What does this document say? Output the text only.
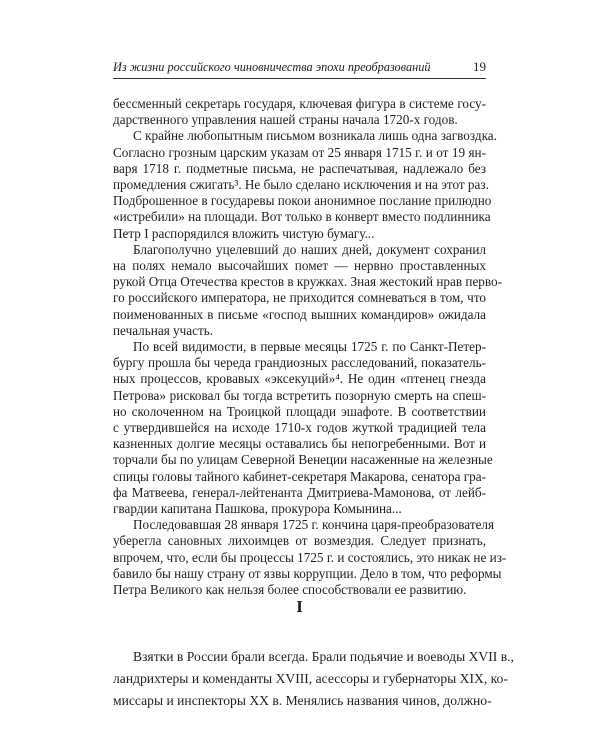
Из жизни российского чиновничества эпохи преобразований	19
бессменный секретарь государя, ключевая фигура в системе госу-
дарственного управления нашей страны начала 1720-х годов.
С крайне любопытным письмом возникала лишь одна загвоздка.
Согласно грозным царским указам от 25 января 1715 г. и от 19 ян-
варя 1718 г. подметные письма, не распечатывая, надлежало без
промедления сжигать³. Не было сделано исключения и на этот раз.
Подброшенное в государевы покои анонимное послание прилюдно
«истребили» на площади. Вот только в конверт вместо подлинника
Петр I распорядился вложить чистую бумагу...
Благополучно уцелевший до наших дней, документ сохранил
на полях немало высочайших помет — нервно проставленных
рукой Отца Отечества крестов в кружках. Зная жестокий нрав перво-
го российского императора, не приходится сомневаться в том, что
поименованных в письме «господ вышних командиров» ожидала
печальная участь.
По всей видимости, в первые месяцы 1725 г. по Санкт-Петер-
бургу прошла бы череда грандиозных расследований, показатель-
ных процессов, кровавых «эксекуций»⁴. Не один «птенец гнезда
Петрова» рисковал бы тогда встретить позорную смерть на спеш-
но сколоченном на Троицкой площади эшафоте. В соответствии
с утвердившейся на исходе 1710-х годов жуткой традицией тела
казненных долгие месяцы оставались бы непогребенными. Вот и
торчали бы по улицам Северной Венеции насаженные на железные
спицы головы тайного кабинет-секретаря Макарова, сенатора гра-
фа Матвеева, генерал-лейтенанта Дмитриева-Мамонова, от лейб-
гвардии капитана Пашкова, прокурора Комынина...
Последовавшая 28 января 1725 г. кончина царя-преобразователя
уберегла сановных лихоимцев от возмездия. Следует признать,
впрочем, что, если бы процессы 1725 г. и состоялись, это никак не из-
бавило бы нашу страну от язвы коррупции. Дело в том, что реформы
Петра Великого как нельзя более способствовали ее развитию.
I
Взятки в России брали всегда. Брали подьячие и воеводы XVII в.,
ландрихтеры и коменданты XVIII, асессоры и губернаторы XIX, ко-
миссары и инспекторы XX в. Менялись названия чинов, должно-
